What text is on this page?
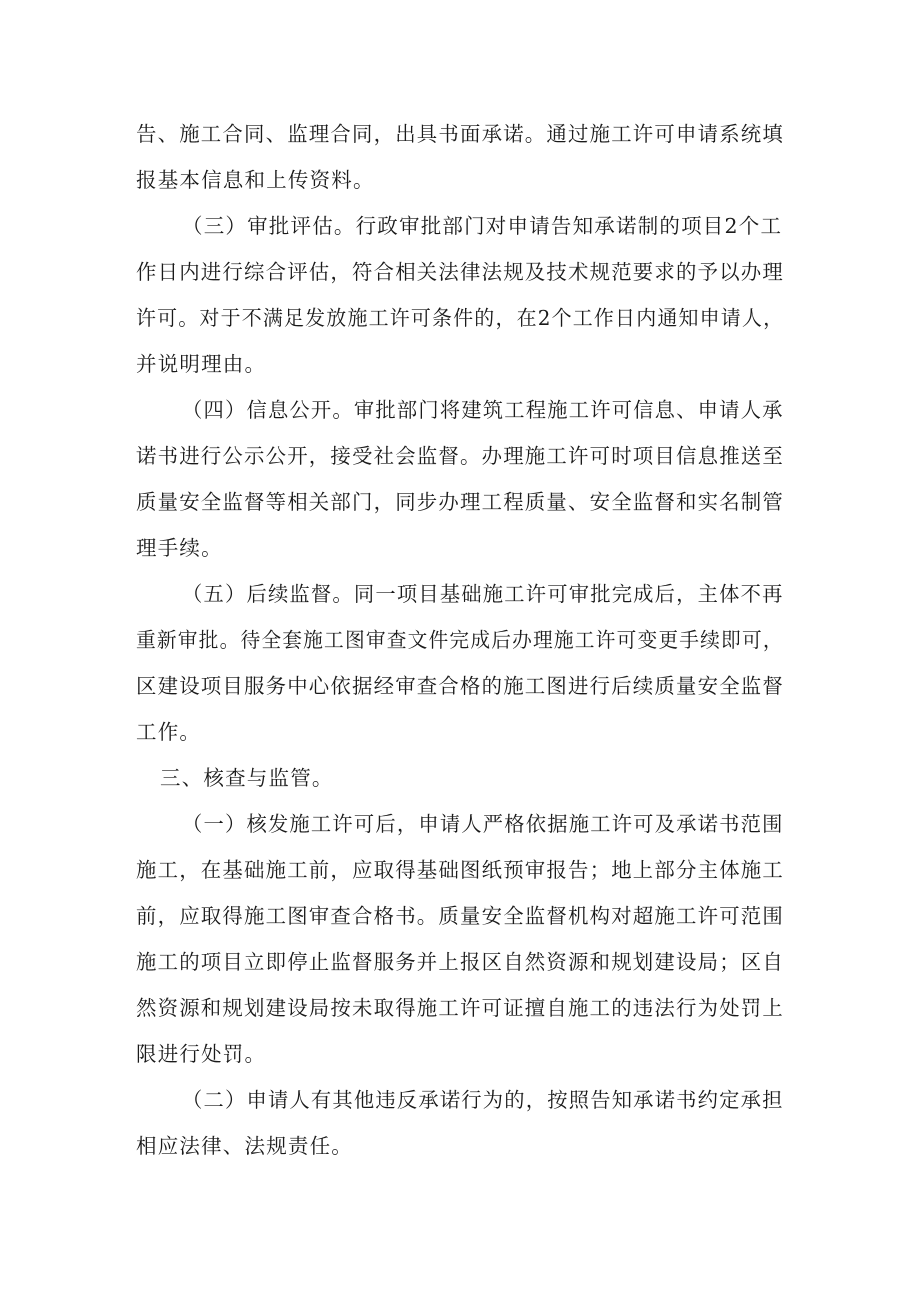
告、施工合同、监理合同，出具书面承诺。通过施工许可申请系统填
报基本信息和上传资料。
（三）审批评估。行政审批部门对申请告知承诺制的项目2个工
作日内进行综合评估，符合相关法律法规及技术规范要求的予以办理
许可。对于不满足发放施工许可条件的，在2个工作日内通知申请人，
并说明理由。
（四）信息公开。审批部门将建筑工程施工许可信息、申请人承
诺书进行公示公开，接受社会监督。办理施工许可时项目信息推送至
质量安全监督等相关部门，同步办理工程质量、安全监督和实名制管
理手续。
（五）后续监督。同一项目基础施工许可审批完成后，主体不再
重新审批。待全套施工图审查文件完成后办理施工许可变更手续即可，
区建设项目服务中心依据经审查合格的施工图进行后续质量安全监督
工作。
三、核查与监管。
（一）核发施工许可后，申请人严格依据施工许可及承诺书范围
施工，在基础施工前，应取得基础图纸预审报告；地上部分主体施工
前，应取得施工图审查合格书。质量安全监督机构对超施工许可范围
施工的项目立即停止监督服务并上报区自然资源和规划建设局；区自
然资源和规划建设局按未取得施工许可证擅自施工的违法行为处罚上
限进行处罚。
（二）申请人有其他违反承诺行为的，按照告知承诺书约定承担
相应法律、法规责任。
